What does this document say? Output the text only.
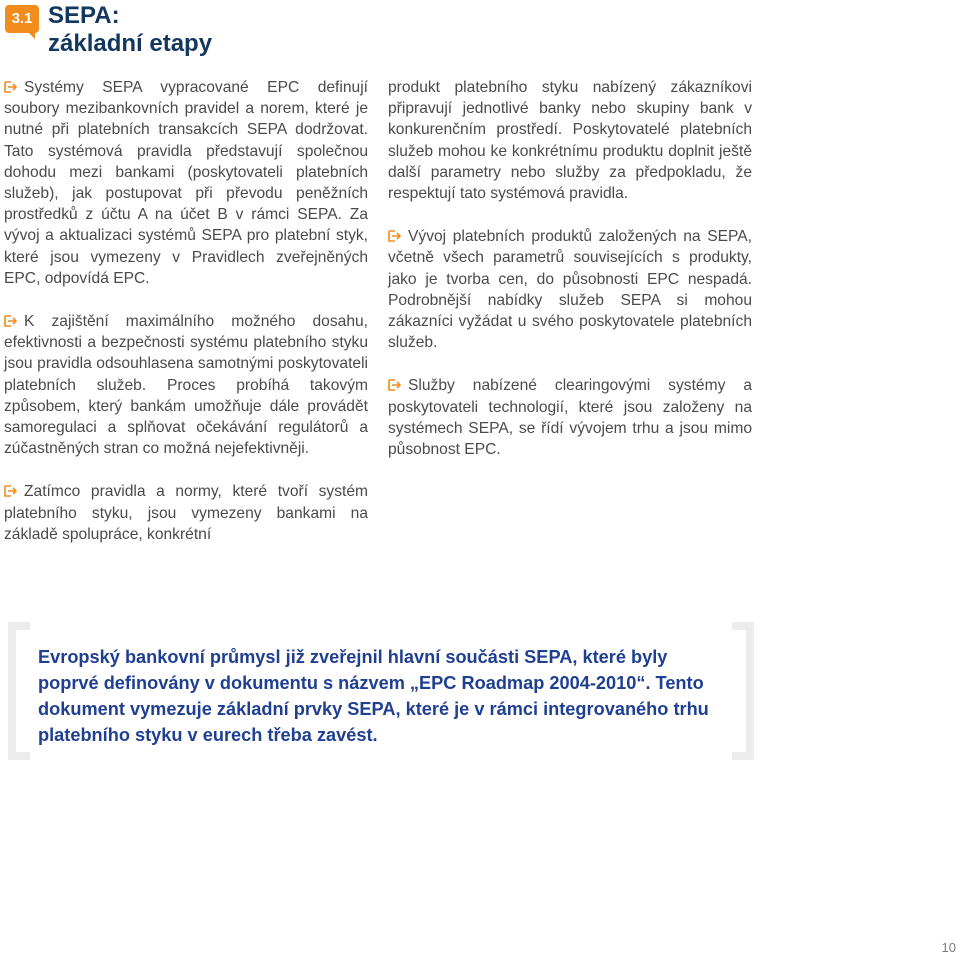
3.1 SEPA:
základní etapy

Systémy SEPA vypracované EPC definují soubory mezibankovních pravidel a norem, které je nutné při platebních transakcích SEPA dodržovat. Tato systémová pravidla představují společnou dohodu mezi bankami (poskytovateli platebních služeb), jak postupovat při převodu peněžních prostředků z účtu A na účet B v rámci SEPA. Za vývoj a aktualizaci systémů SEPA pro platební styk, které jsou vymezeny v Pravidlech zveřejněných EPC, odpovídá EPC.

K zajištění maximálního možného dosahu, efektivnosti a bezpečnosti systému platebního styku jsou pravidla odsouhlasena samotnými poskytovateli platebních služeb. Proces probíhá takovým způsobem, který bankám umožňuje dále provádět samoregulaci a splňovat očekávání regulátorů a zúčastněných stran co možná nejefektivněji.

Zatímco pravidla a normy, které tvoří systém platebního styku, jsou vymezeny bankami na základě spolupráce, konkrétní

produkt platebního styku nabízený zákazníkovi připravují jednotlivé banky nebo skupiny bank v konkurenčním prostředí. Poskytovatelé platebních služeb mohou ke konkrétnímu produktu doplnit ještě další parametry nebo služby za předpokladu, že respektují tato systémová pravidla.

Vývoj platebních produktů založených na SEPA, včetně všech parametrů souvisejících s produkty, jako je tvorba cen, do působnosti EPC nespadá. Podrobnější nabídky služeb SEPA si mohou zákazníci vyžádat u svého poskytovatele platebních služeb.

Služby nabízené clearingovými systémy a poskytovateli technologií, které jsou založeny na systémech SEPA, se řídí vývojem trhu a jsou mimo působnost EPC.

Evropský bankovní průmysl již zveřejnil hlavní součásti SEPA, které byly poprvé definovány v dokumentu s názvem „EPC Roadmap 2004-2010“. Tento dokument vymezuje základní prvky SEPA, které je v rámci integrovaného trhu platebního styku v eurech třeba zavést.

10
